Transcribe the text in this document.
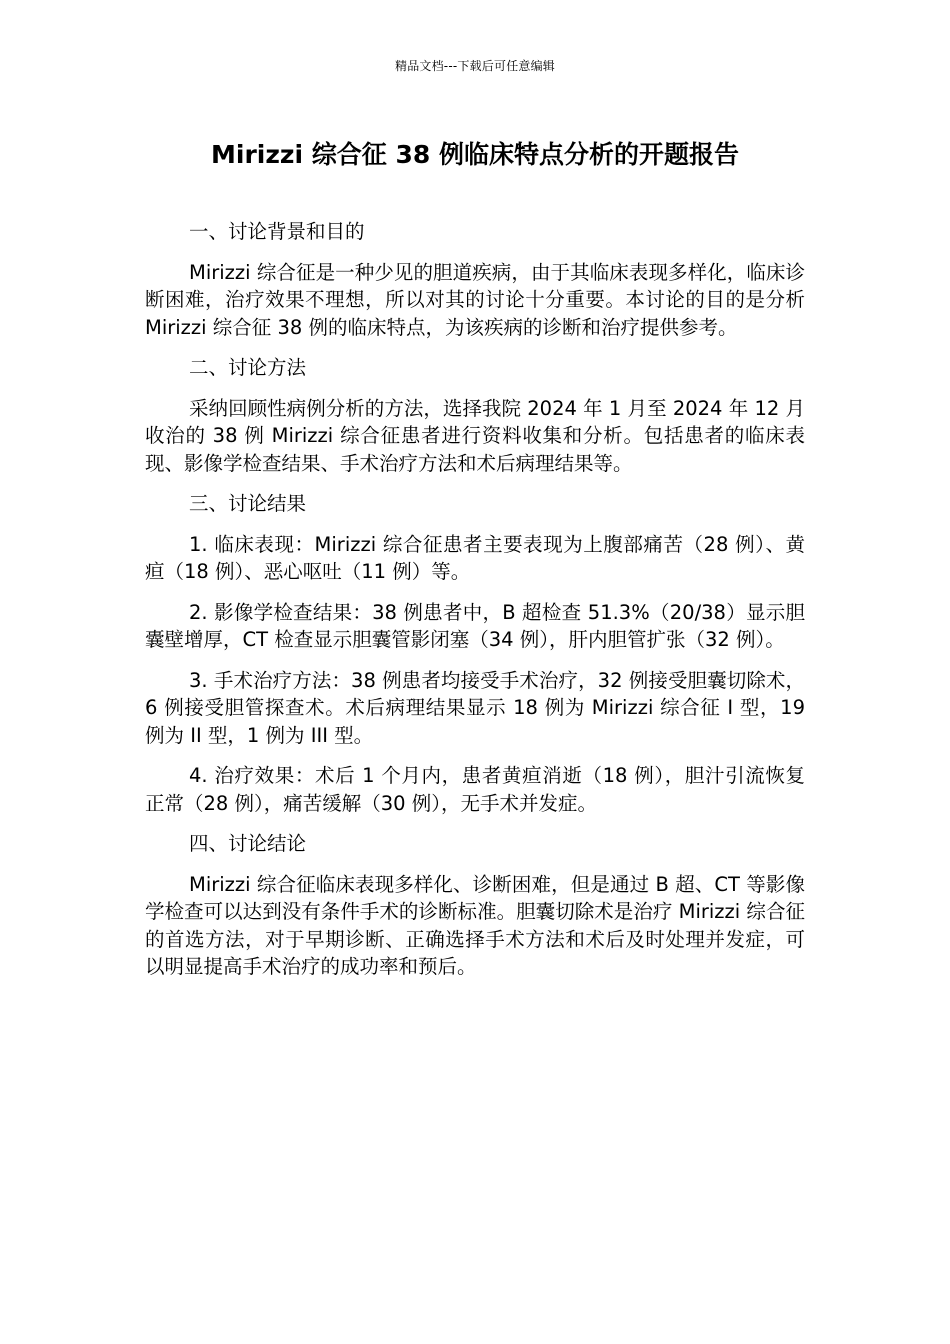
精品文档---下载后可任意编辑
Mirizzi 综合征 38 例临床特点分析的开题报告

一、讨论背景和目的

Mirizzi 综合征是一种少见的胆道疾病，由于其临床表现多样化，临床诊断困难，治疗效果不理想，所以对其的讨论十分重要。本讨论的目的是分析 Mirizzi 综合征 38 例的临床特点，为该疾病的诊断和治疗提供参考。

二、讨论方法

采纳回顾性病例分析的方法，选择我院 2024 年 1 月至 2024 年 12 月收治的 38 例 Mirizzi 综合征患者进行资料收集和分析。包括患者的临床表现、影像学检查结果、手术治疗方法和术后病理结果等。

三、讨论结果

1. 临床表现：Mirizzi 综合征患者主要表现为上腹部痛苦（28 例）、黄疸（18 例）、恶心呕吐（11 例）等。

2. 影像学检查结果：38 例患者中，B 超检查 51.3%（20/38）显示胆囊壁增厚，CT 检查显示胆囊管影闭塞（34 例），肝内胆管扩张（32 例）。

3. 手术治疗方法：38 例患者均接受手术治疗，32 例接受胆囊切除术，6 例接受胆管探查术。术后病理结果显示 18 例为 Mirizzi 综合征 I 型，19 例为 II 型，1 例为 III 型。

4. 治疗效果：术后 1 个月内，患者黄疸消逝（18 例），胆汁引流恢复正常（28 例），痛苦缓解（30 例），无手术并发症。

四、讨论结论

Mirizzi 综合征临床表现多样化、诊断困难，但是通过 B 超、CT 等影像学检查可以达到没有条件手术的诊断标准。胆囊切除术是治疗 Mirizzi 综合征的首选方法，对于早期诊断、正确选择手术方法和术后及时处理并发症，可以明显提高手术治疗的成功率和预后。
